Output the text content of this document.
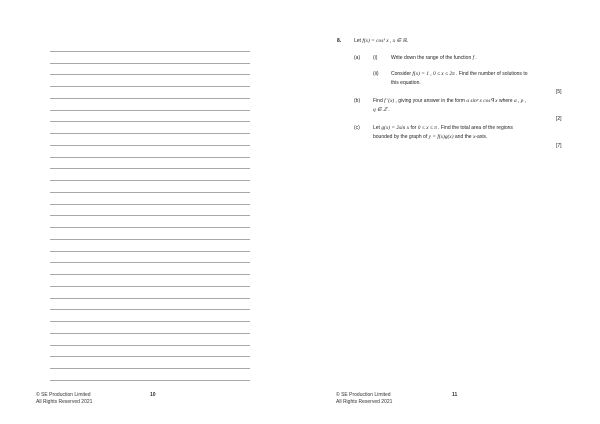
© SE Production Limited
All Rights Reserved 2021
10
8.	Let f(x) = cos³ x , x ∈ ℝ.
(a)	(i)	Write down the range of the function f .
(ii) Consider f(x) = 1 , 0 ≤ x ≤ 2π . Find the number of solutions to
this equation.
[5]
(b)	Find f ′(x) , giving your answer in the form a sinᵖ x cosᑫ x where a , p ,
q ∈ ℤ .
[2]
(c)	Let g(x) = 2sin x for 0 ≤ x ≤ π . Find the total area of the regions
bounded by the graph of y = f(x)g(x) and the x-axis.
[7]
© SE Production Limited
All Rights Reserved 2021
11
